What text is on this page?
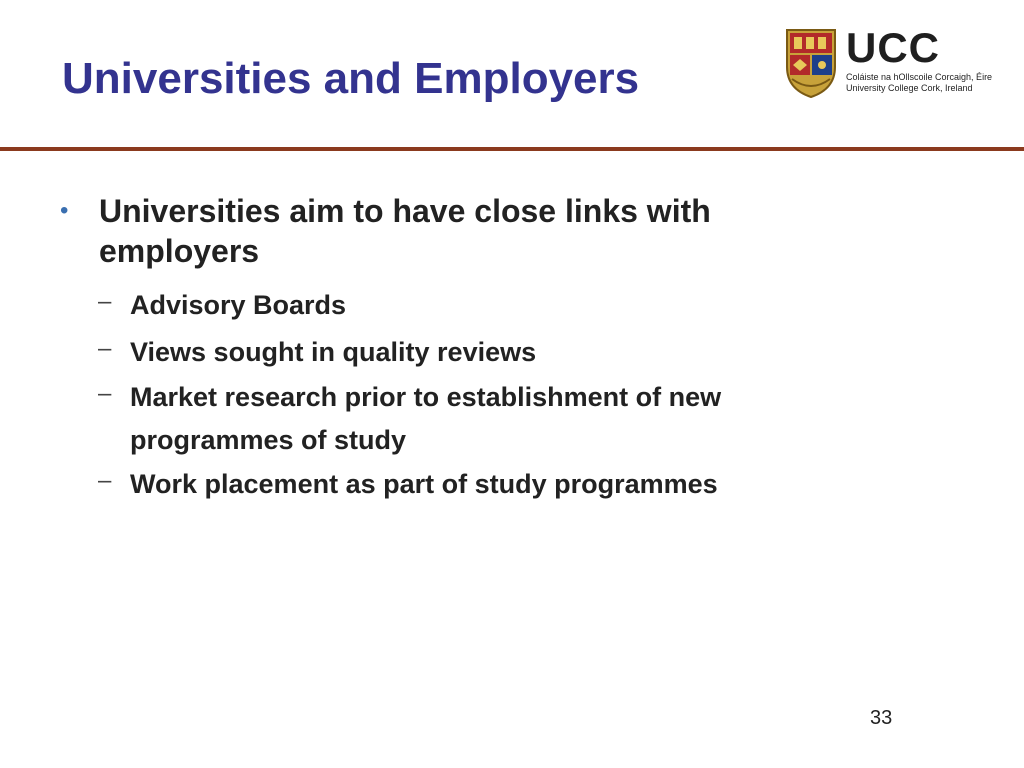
Universities and Employers
UCC
Coláiste na hOllscoile Corcaigh, Éire
University College Cork, Ireland
• Universities aim to have close links with employers
– Advisory Boards
– Views sought in quality reviews
– Market research prior to establishment of new programmes of study
– Work placement as part of study programmes
33
